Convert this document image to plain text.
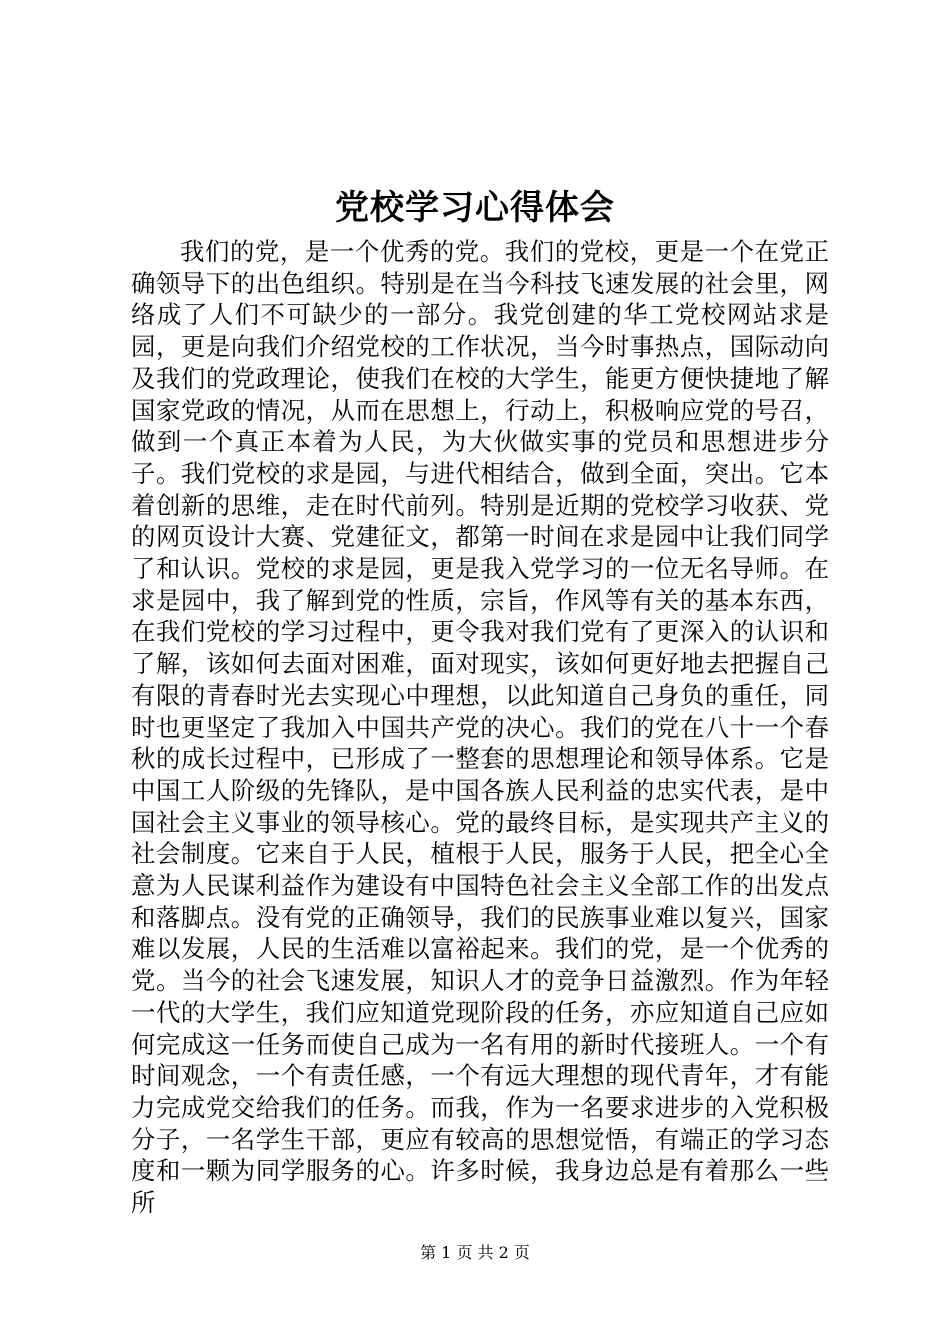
党校学习心得体会

我们的党，是一个优秀的党。我们的党校，更是一个在党正确领导下的出色组织。特别是在当今科技飞速发展的社会里，网络成了人们不可缺少的一部分。我党创建的华工党校网站求是园，更是向我们介绍党校的工作状况，当今时事热点，国际动向及我们的党政理论，使我们在校的大学生，能更方便快捷地了解国家党政的情况，从而在思想上，行动上，积极响应党的号召，做到一个真正本着为人民，为大伙做实事的党员和思想进步分子。我们党校的求是园，与进代相结合，做到全面，突出。它本着创新的思维，走在时代前列。特别是近期的党校学习收获、党的网页设计大赛、党建征文，都第一时间在求是园中让我们同学了和认识。党校的求是园，更是我入党学习的一位无名导师。在求是园中，我了解到党的性质，宗旨，作风等有关的基本东西，在我们党校的学习过程中，更令我对我们党有了更深入的认识和了解，该如何去面对困难，面对现实，该如何更好地去把握自己有限的青春时光去实现心中理想，以此知道自己身负的重任，同时也更坚定了我加入中国共产党的决心。我们的党在八十一个春秋的成长过程中，已形成了一整套的思想理论和领导体系。它是中国工人阶级的先锋队，是中国各族人民利益的忠实代表，是中国社会主义事业的领导核心。党的最终目标，是实现共产主义的社会制度。它来自于人民，植根于人民，服务于人民，把全心全意为人民谋利益作为建设有中国特色社会主义全部工作的出发点和落脚点。没有党的正确领导，我们的民族事业难以复兴，国家难以发展，人民的生活难以富裕起来。我们的党，是一个优秀的党。当今的社会飞速发展，知识人才的竞争日益激烈。作为年轻一代的大学生，我们应知道党现阶段的任务，亦应知道自己应如何完成这一任务而使自己成为一名有用的新时代接班人。一个有时间观念，一个有责任感，一个有远大理想的现代青年，才有能力完成党交给我们的任务。而我，作为一名要求进步的入党积极分子，一名学生干部，更应有较高的思想觉悟，有端正的学习态度和一颗为同学服务的心。许多时候，我身边总是有着那么一些所

第 1 页 共 2 页
